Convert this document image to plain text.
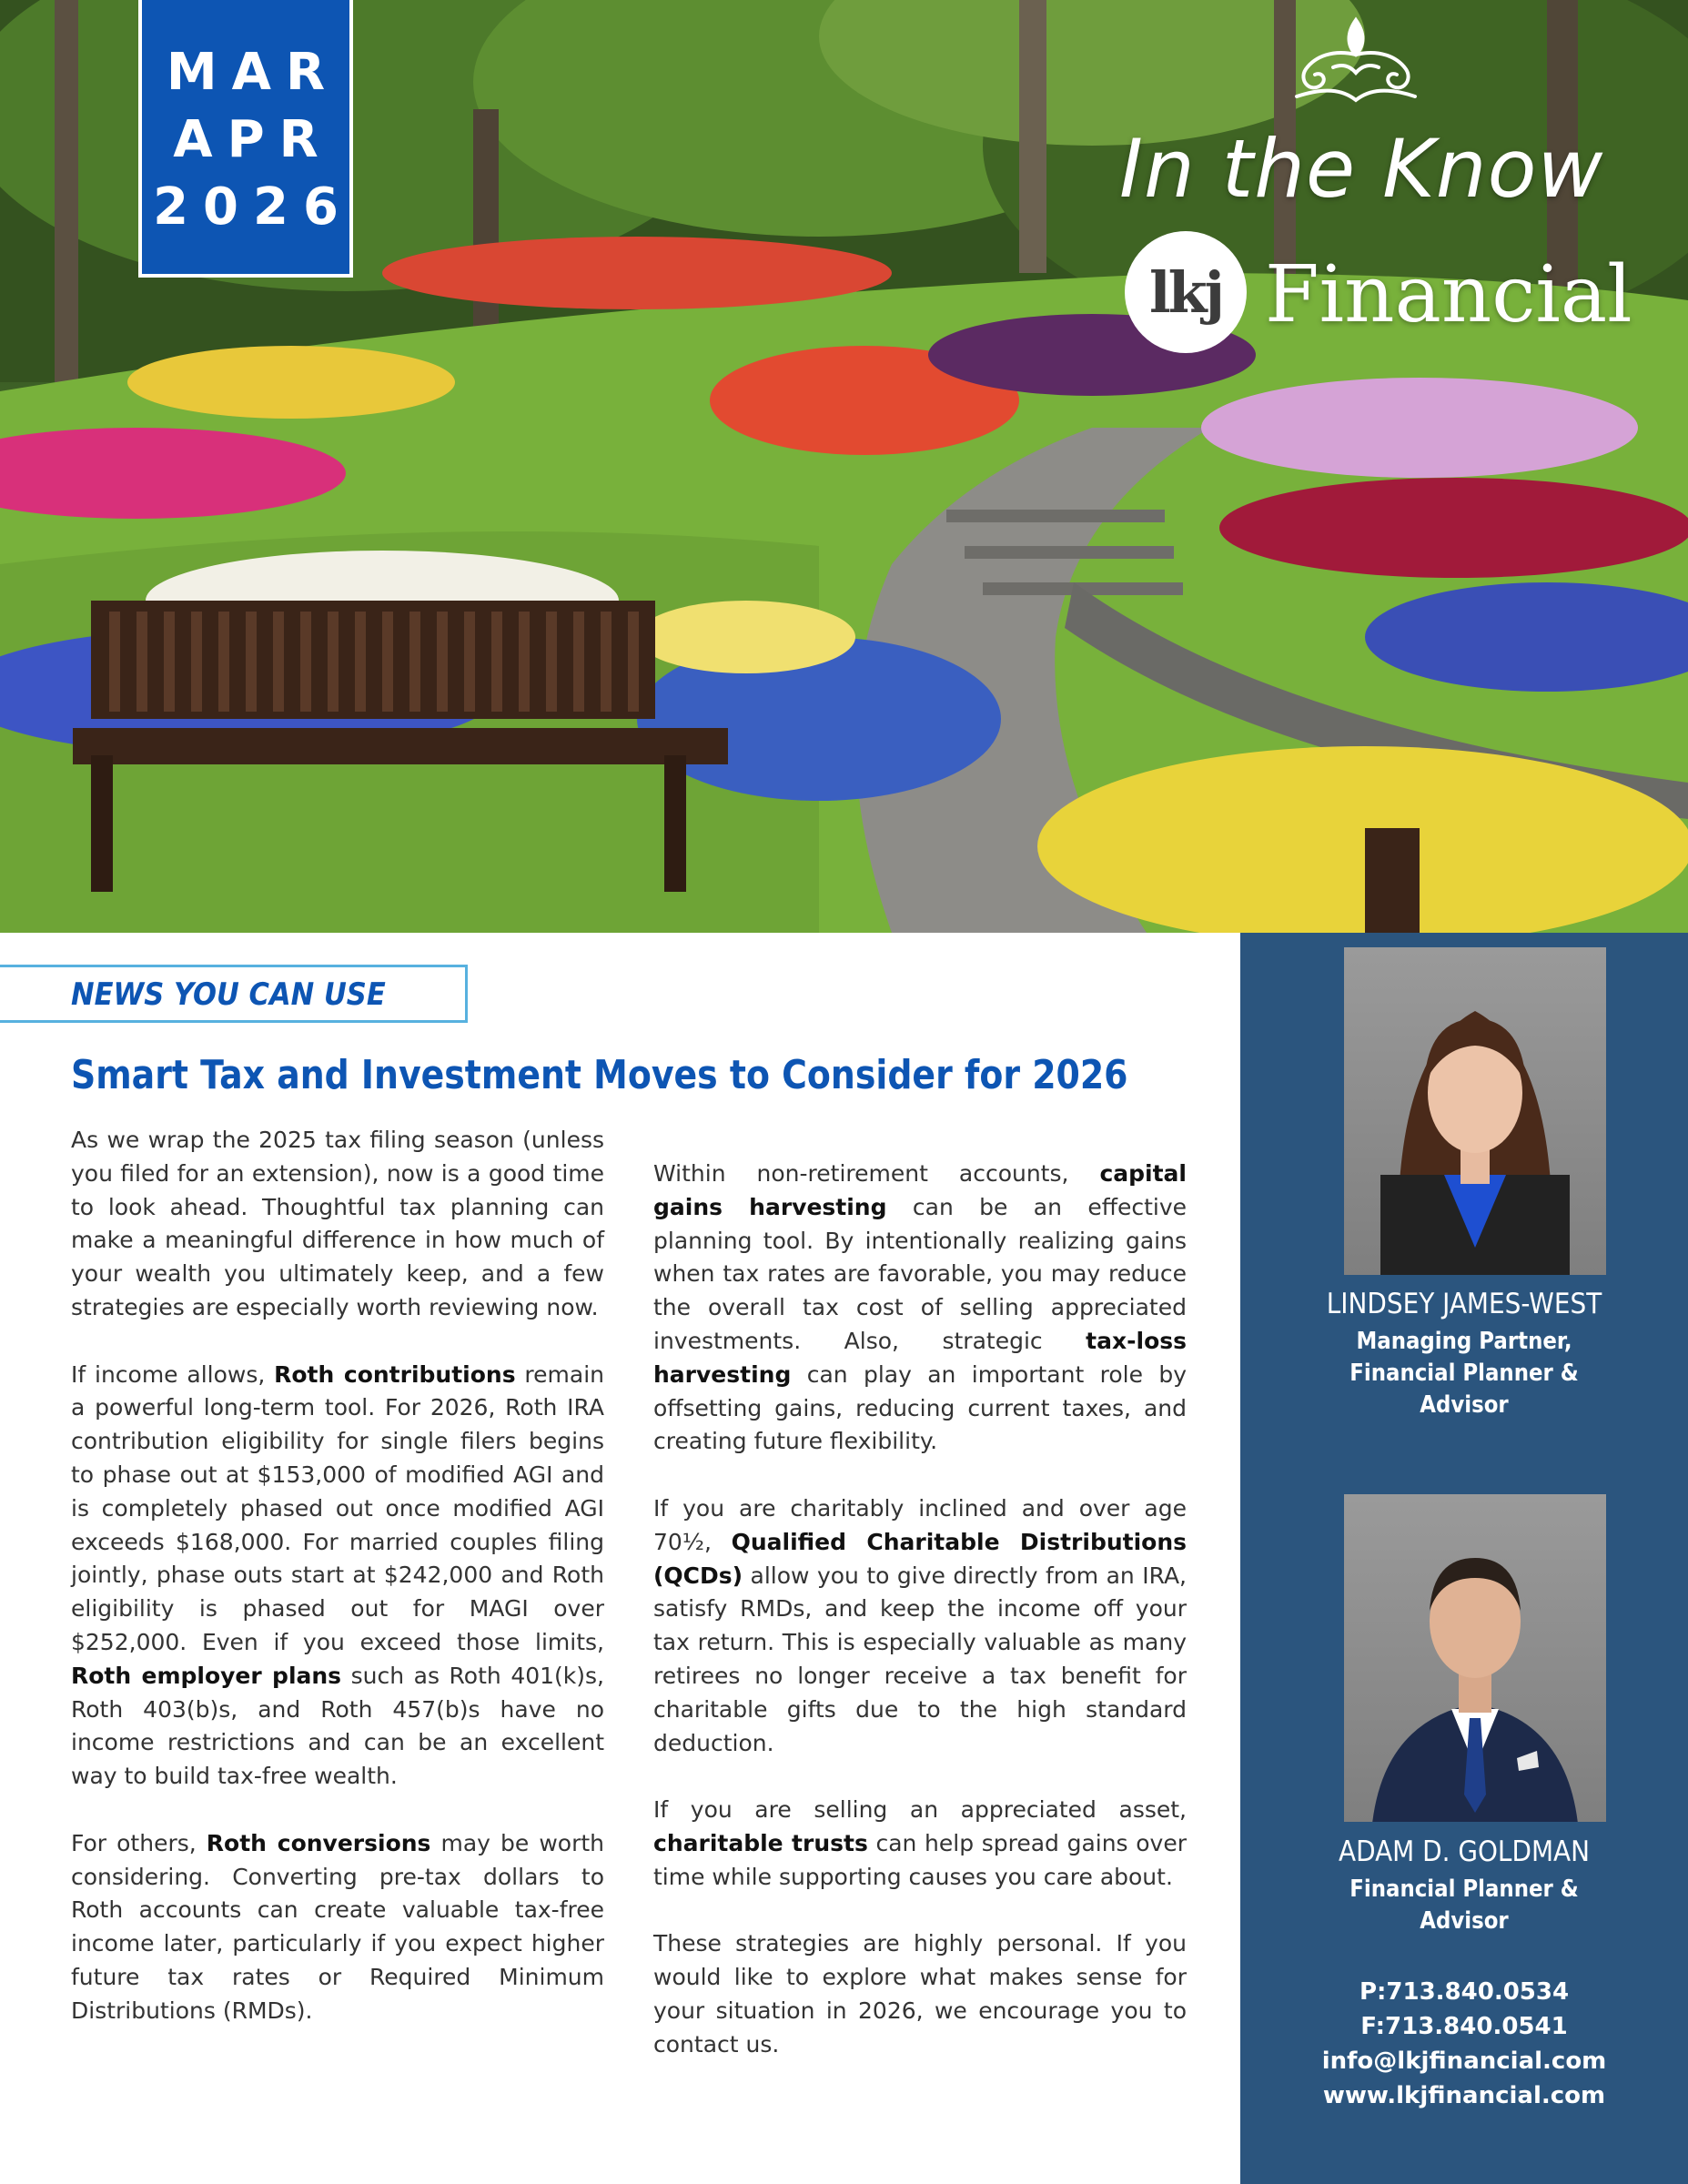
MAR
APR
2026	In the Know
lkj Financial
NEWS YOU CAN USE
Smart Tax and Investment Moves to Consider for 2026

As we wrap the 2025 tax filing season (unless you filed for an extension), now is a good time to look ahead. Thoughtful tax planning can make a meaningful difference in how much of your wealth you ultimately keep, and a few strategies are especially worth reviewing now.

If income allows, Roth contributions remain a powerful long-term tool. For 2026, Roth IRA contribution eligibility for single filers begins to phase out at $153,000 of modified AGI and is completely phased out once modified AGI exceeds $168,000. For married couples filing jointly, phase outs start at $242,000 and Roth eligibility is phased out for MAGI over $252,000. Even if you exceed those limits, Roth employer plans such as Roth 401(k)s, Roth 403(b)s, and Roth 457(b)s have no income restrictions and can be an excellent way to build tax-free wealth.

For others, Roth conversions may be worth considering. Converting pre-tax dollars to Roth accounts can create valuable tax-free income later, particularly if you expect higher future tax rates or Required Minimum Distributions (RMDs).

Within non-retirement accounts, capital gains harvesting can be an effective planning tool. By intentionally realizing gains when tax rates are favorable, you may reduce the overall tax cost of selling appreciated investments. Also, strategic tax-loss harvesting can play an important role by offsetting gains, reducing current taxes, and creating future flexibility.

If you are charitably inclined and over age 70½, Qualified Charitable Distributions (QCDs) allow you to give directly from an IRA, satisfy RMDs, and keep the income off your tax return. This is especially valuable as many retirees no longer receive a tax benefit for charitable gifts due to the high standard deduction.

If you are selling an appreciated asset, charitable trusts can help spread gains over time while supporting causes you care about.

These strategies are highly personal. If you would like to explore what makes sense for your situation in 2026, we encourage you to contact us.

LINDSEY JAMES-WEST
Managing Partner,
Financial Planner &
Advisor
ADAM D. GOLDMAN
Financial Planner &
Advisor
P:713.840.0534
F:713.840.0541
info@lkjfinancial.com
www.lkjfinancial.com
